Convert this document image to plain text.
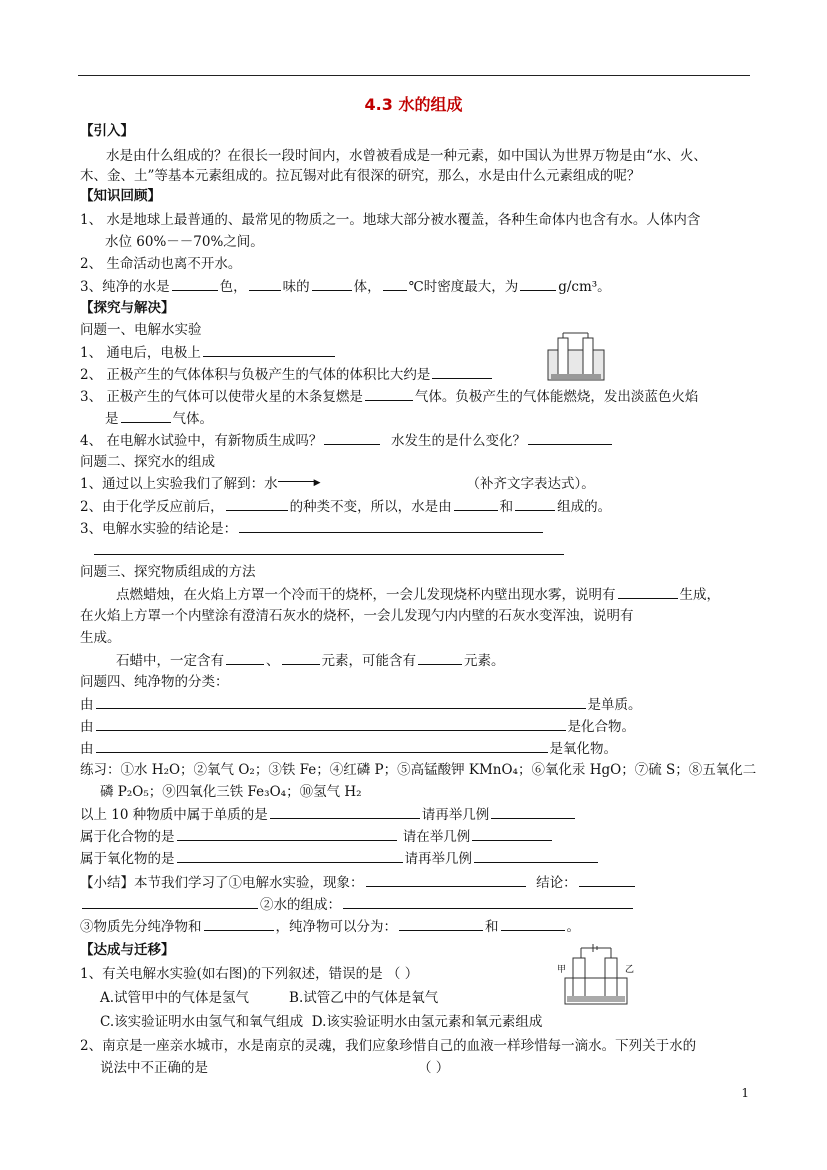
4.3 水的组成
【引入】
水是由什么组成的？在很长一段时间内，水曾被看成是一种元素，如中国认为世界万物是由“水、火、
木、金、土”等基本元素组成的。拉瓦锡对此有很深的研究，那么，水是由什么元素组成的呢？
【知识回顾】
1、 水是地球上最普通的、最常见的物质之一。地球大部分被水覆盖，各种生命体内也含有水。人体内含
水位 60%－－70%之间。
2、 生命活动也离不开水。
3、纯净的水是	色，	味的	体， ℃时密度最大，为	g/cm³。
【探究与解决】
问题一、电解水实验
1、 通电后，电极上
2、 正极产生的气体体积与负极产生的气体的体积比大约是
3、 正极产生的气体可以使带火星的木条复燃是	气体。负极产生的气体能燃烧，发出淡蓝色火焰
是	气体。
4、 在电解水试验中，有新物质生成吗？	水发生的是什么变化？
问题二、探究水的组成
1、通过以上实验我们了解到：水	▶	（补齐文字表达式）。
2、由于化学反应前后，	的种类不变，所以，水是由	和	组成的。
3、电解水实验的结论是：
问题三、探究物质组成的方法
点燃蜡烛，在火焰上方罩一个冷而干的烧杯，一会儿发现烧杯内壁出现水雾，说明有	生成，
在火焰上方罩一个内壁涂有澄清石灰水的烧杯，一会儿发现勺内内壁的石灰水变浑浊，说明有
生成。
石蜡中，一定含有	、	元素，可能含有	元素。
问题四、纯净物的分类：
由	是单质。
由	是化合物。
由	是氧化物。
练习：①水 H₂O；②氧气 O₂；③铁 Fe；④红磷 P；⑤高锰酸钾 KMnO₄；⑥氧化汞 HgO；⑦硫 S；⑧五氧化二
磷 P₂O₅；⑨四氧化三铁 Fe₃O₄；⑩氢气 H₂
以上 10 种物质中属于单质的是	请再举几例
属于化合物的是	请在举几例
属于氧化物的是	请再举几例
【小结】本节我们学习了①电解水实验，现象：	结论：
②水的组成：
③物质先分纯净物和	，纯净物可以分为：	和	。
【达成与迁移】
甲	乙
1、有关电解水实验(如右图)的下列叙述，错误的是 （ ）
A.试管甲中的气体是氢气	B.试管乙中的气体是氧气
C.该实验证明水由氢气和氧气组成 D.该实验证明水由氢元素和氧元素组成
2、南京是一座亲水城市，水是南京的灵魂，我们应象珍惜自己的血液一样珍惜每一滴水。下列关于水的
说法中不正确的是	（ ）
1
